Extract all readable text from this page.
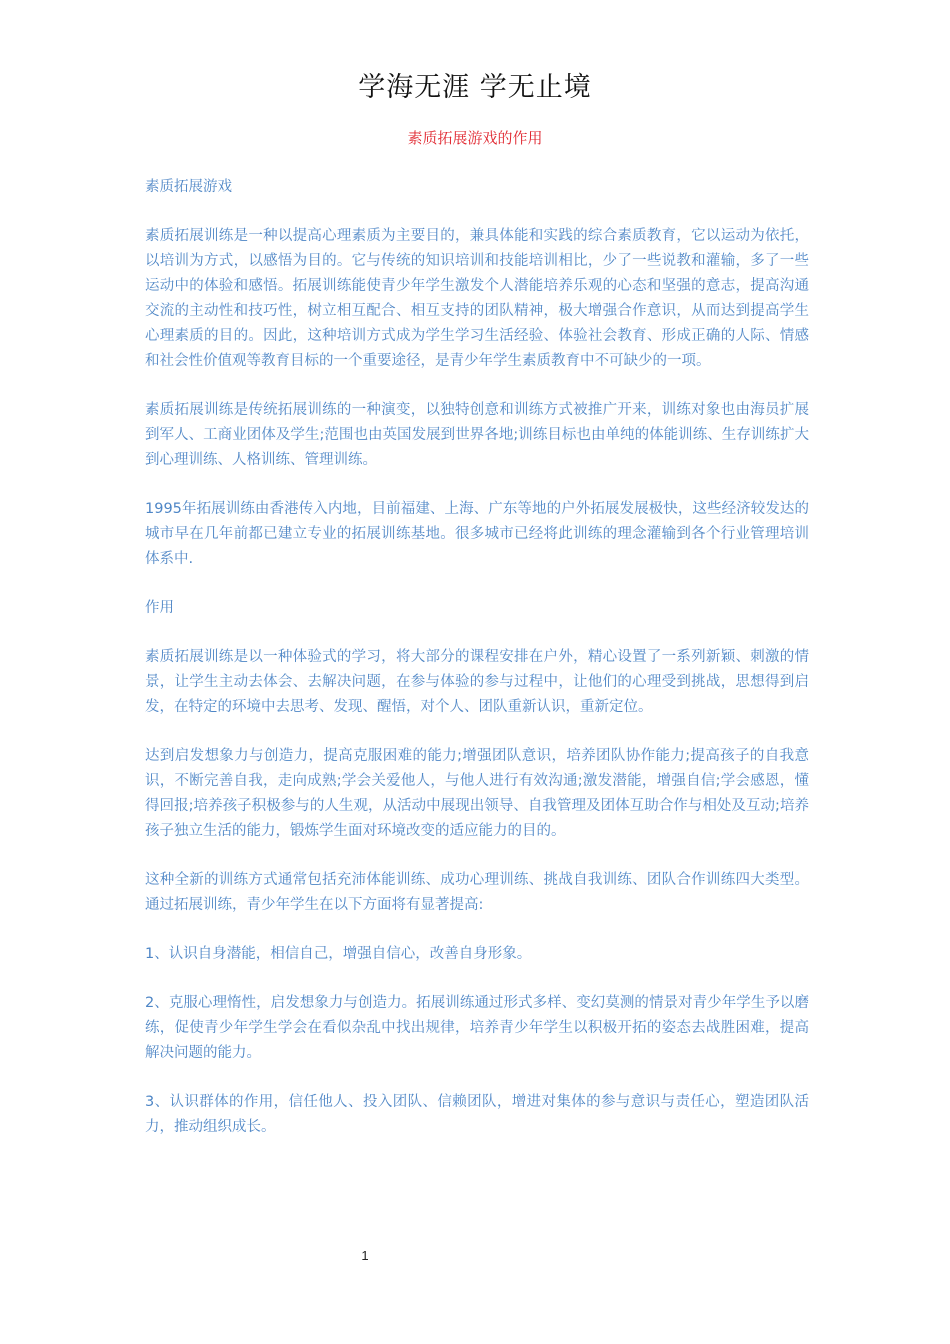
学海无涯 学无止境
素质拓展游戏的作用

素质拓展游戏

素质拓展训练是一种以提高心理素质为主要目的，兼具体能和实践的综合素质教育，它以运动为依托，以培训为方式，以感悟为目的。它与传统的知识培训和技能培训相比，少了一些说教和灌输，多了一些运动中的体验和感悟。拓展训练能使青少年学生激发个人潜能培养乐观的心态和坚强的意志，提高沟通交流的主动性和技巧性，树立相互配合、相互支持的团队精神，极大增强合作意识，从而达到提高学生心理素质的目的。因此，这种培训方式成为学生学习生活经验、体验社会教育、形成正确的人际、情感和社会性价值观等教育目标的一个重要途径，是青少年学生素质教育中不可缺少的一项。

素质拓展训练是传统拓展训练的一种演变，以独特创意和训练方式被推广开来，训练对象也由海员扩展到军人、工商业团体及学生;范围也由英国发展到世界各地;训练目标也由单纯的体能训练、生存训练扩大到心理训练、人格训练、管理训练。

1995年拓展训练由香港传入内地，目前福建、上海、广东等地的户外拓展发展极快，这些经济较发达的城市早在几年前都已建立专业的拓展训练基地。很多城市已经将此训练的理念灌输到各个行业管理培训体系中.

作用

素质拓展训练是以一种体验式的学习，将大部分的课程安排在户外，精心设置了一系列新颖、刺激的情景，让学生主动去体会、去解决问题，在参与体验的参与过程中，让他们的心理受到挑战，思想得到启发，在特定的环境中去思考、发现、醒悟，对个人、团队重新认识，重新定位。

达到启发想象力与创造力，提高克服困难的能力;增强团队意识，培养团队协作能力;提高孩子的自我意识，不断完善自我，走向成熟;学会关爱他人，与他人进行有效沟通;激发潜能，增强自信;学会感恩，懂得回报;培养孩子积极参与的人生观，从活动中展现出领导、自我管理及团体互助合作与相处及互动;培养孩子独立生活的能力，锻炼学生面对环境改变的适应能力的目的。

这种全新的训练方式通常包括充沛体能训练、成功心理训练、挑战自我训练、团队合作训练四大类型。通过拓展训练，青少年学生在以下方面将有显著提高:

1、认识自身潜能，相信自己，增强自信心，改善自身形象。

2、克服心理惰性，启发想象力与创造力。拓展训练通过形式多样、变幻莫测的情景对青少年学生予以磨练，促使青少年学生学会在看似杂乱中找出规律，培养青少年学生以积极开拓的姿态去战胜困难，提高解决问题的能力。

3、认识群体的作用，信任他人、投入团队、信赖团队，增进对集体的参与意识与责任心，塑造团队活力，推动组织成长。

1
